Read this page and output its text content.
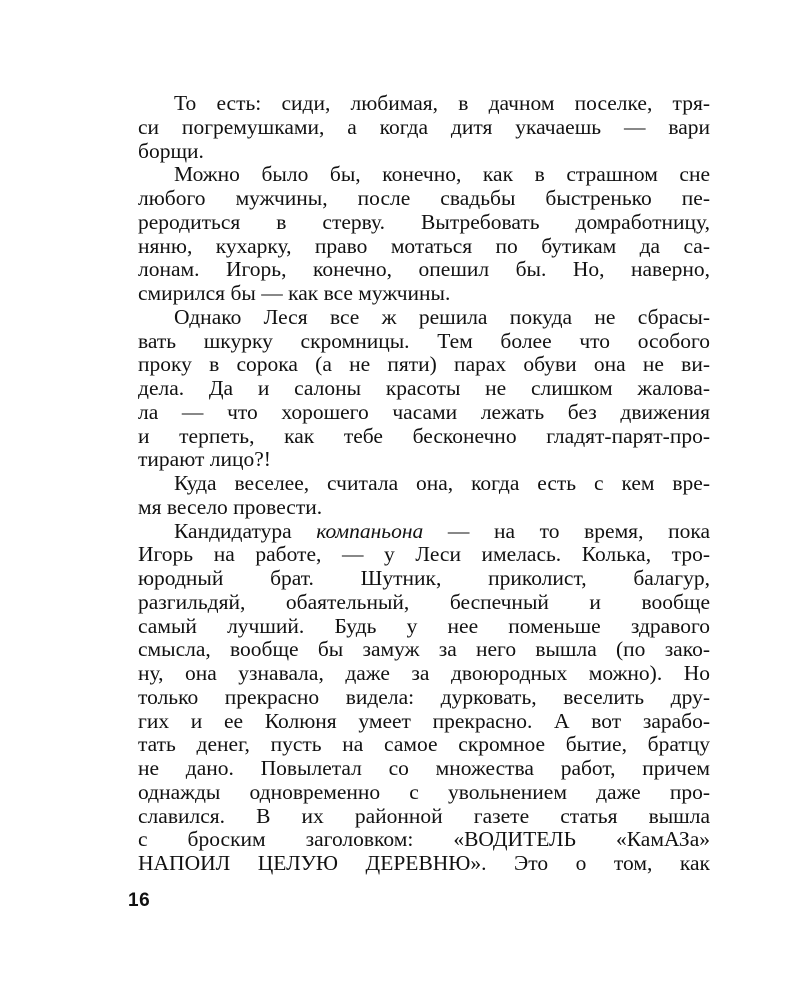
То есть: сиди, любимая, в дачном поселке, тря-
си погремушками, а когда дитя укачаешь — вари
борщи.
Можно было бы, конечно, как в страшном сне
любого мужчины, после свадьбы быстренько пе-
реродиться в стерву. Вытребовать домработницу,
няню, кухарку, право мотаться по бутикам да са-
лонам. Игорь, конечно, опешил бы. Но, наверно,
смирился бы — как все мужчины.
Однако Леся все ж решила покуда не сбрасы-
вать шкурку скромницы. Тем более что особого
проку в сорока (а не пяти) парах обуви она не ви-
дела. Да и салоны красоты не слишком жалова-
ла — что хорошего часами лежать без движения
и терпеть, как тебе бесконечно гладят-парят-про-
тирают лицо?!
Куда веселее, считала она, когда есть с кем вре-
мя весело провести.
Кандидатура компаньона — на то время, пока
Игорь на работе, — у Леси имелась. Колька, тро-
юродный брат. Шутник, приколист, балагур,
разгильдяй, обаятельный, беспечный и вообще
самый лучший. Будь у нее поменьше здравого
смысла, вообще бы замуж за него вышла (по зако-
ну, она узнавала, даже за двоюродных можно). Но
только прекрасно видела: дурковать, веселить дру-
гих и ее Колюня умеет прекрасно. А вот зарабо-
тать денег, пусть на самое скромное бытие, братцу
не дано. Повылетал со множества работ, причем
однажды одновременно с увольнением даже про-
славился. В их районной газете статья вышла
с броским заголовком: «ВОДИТЕЛЬ «КамАЗа»
НАПОИЛ ЦЕЛУЮ ДЕРЕВНЮ». Это о том, как
16
